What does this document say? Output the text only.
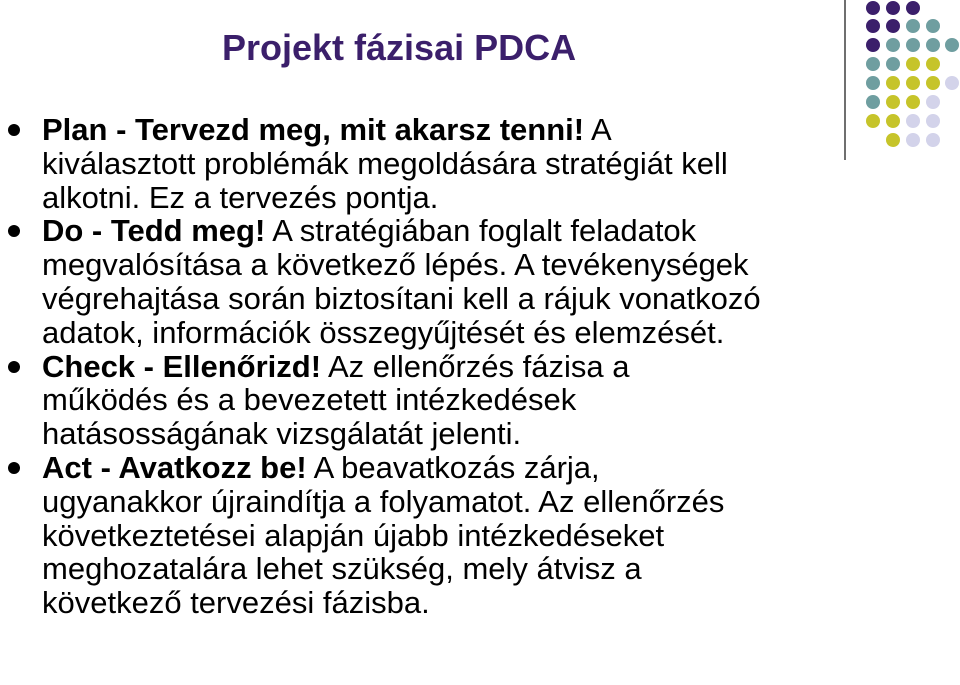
Projekt fázisai PDCA
Plan - Tervezd meg, mit akarsz tenni! A
kiválasztott problémák megoldására stratégiát kell
alkotni. Ez a tervezés pontja.
Do - Tedd meg! A stratégiában foglalt feladatok
megvalósítása a következő lépés. A tevékenységek
végrehajtása során biztosítani kell a rájuk vonatkozó
adatok, információk összegyűjtését és elemzését.
Check - Ellenőrizd! Az ellenőrzés fázisa a
működés és a bevezetett intézkedések
hatásosságának vizsgálatát jelenti.
Act - Avatkozz be! A beavatkozás zárja,
ugyanakkor újraindítja a folyamatot. Az ellenőrzés
következtetései alapján újabb intézkedéseket
meghozatalára lehet szükség, mely átvisz a
következő tervezési fázisba.
